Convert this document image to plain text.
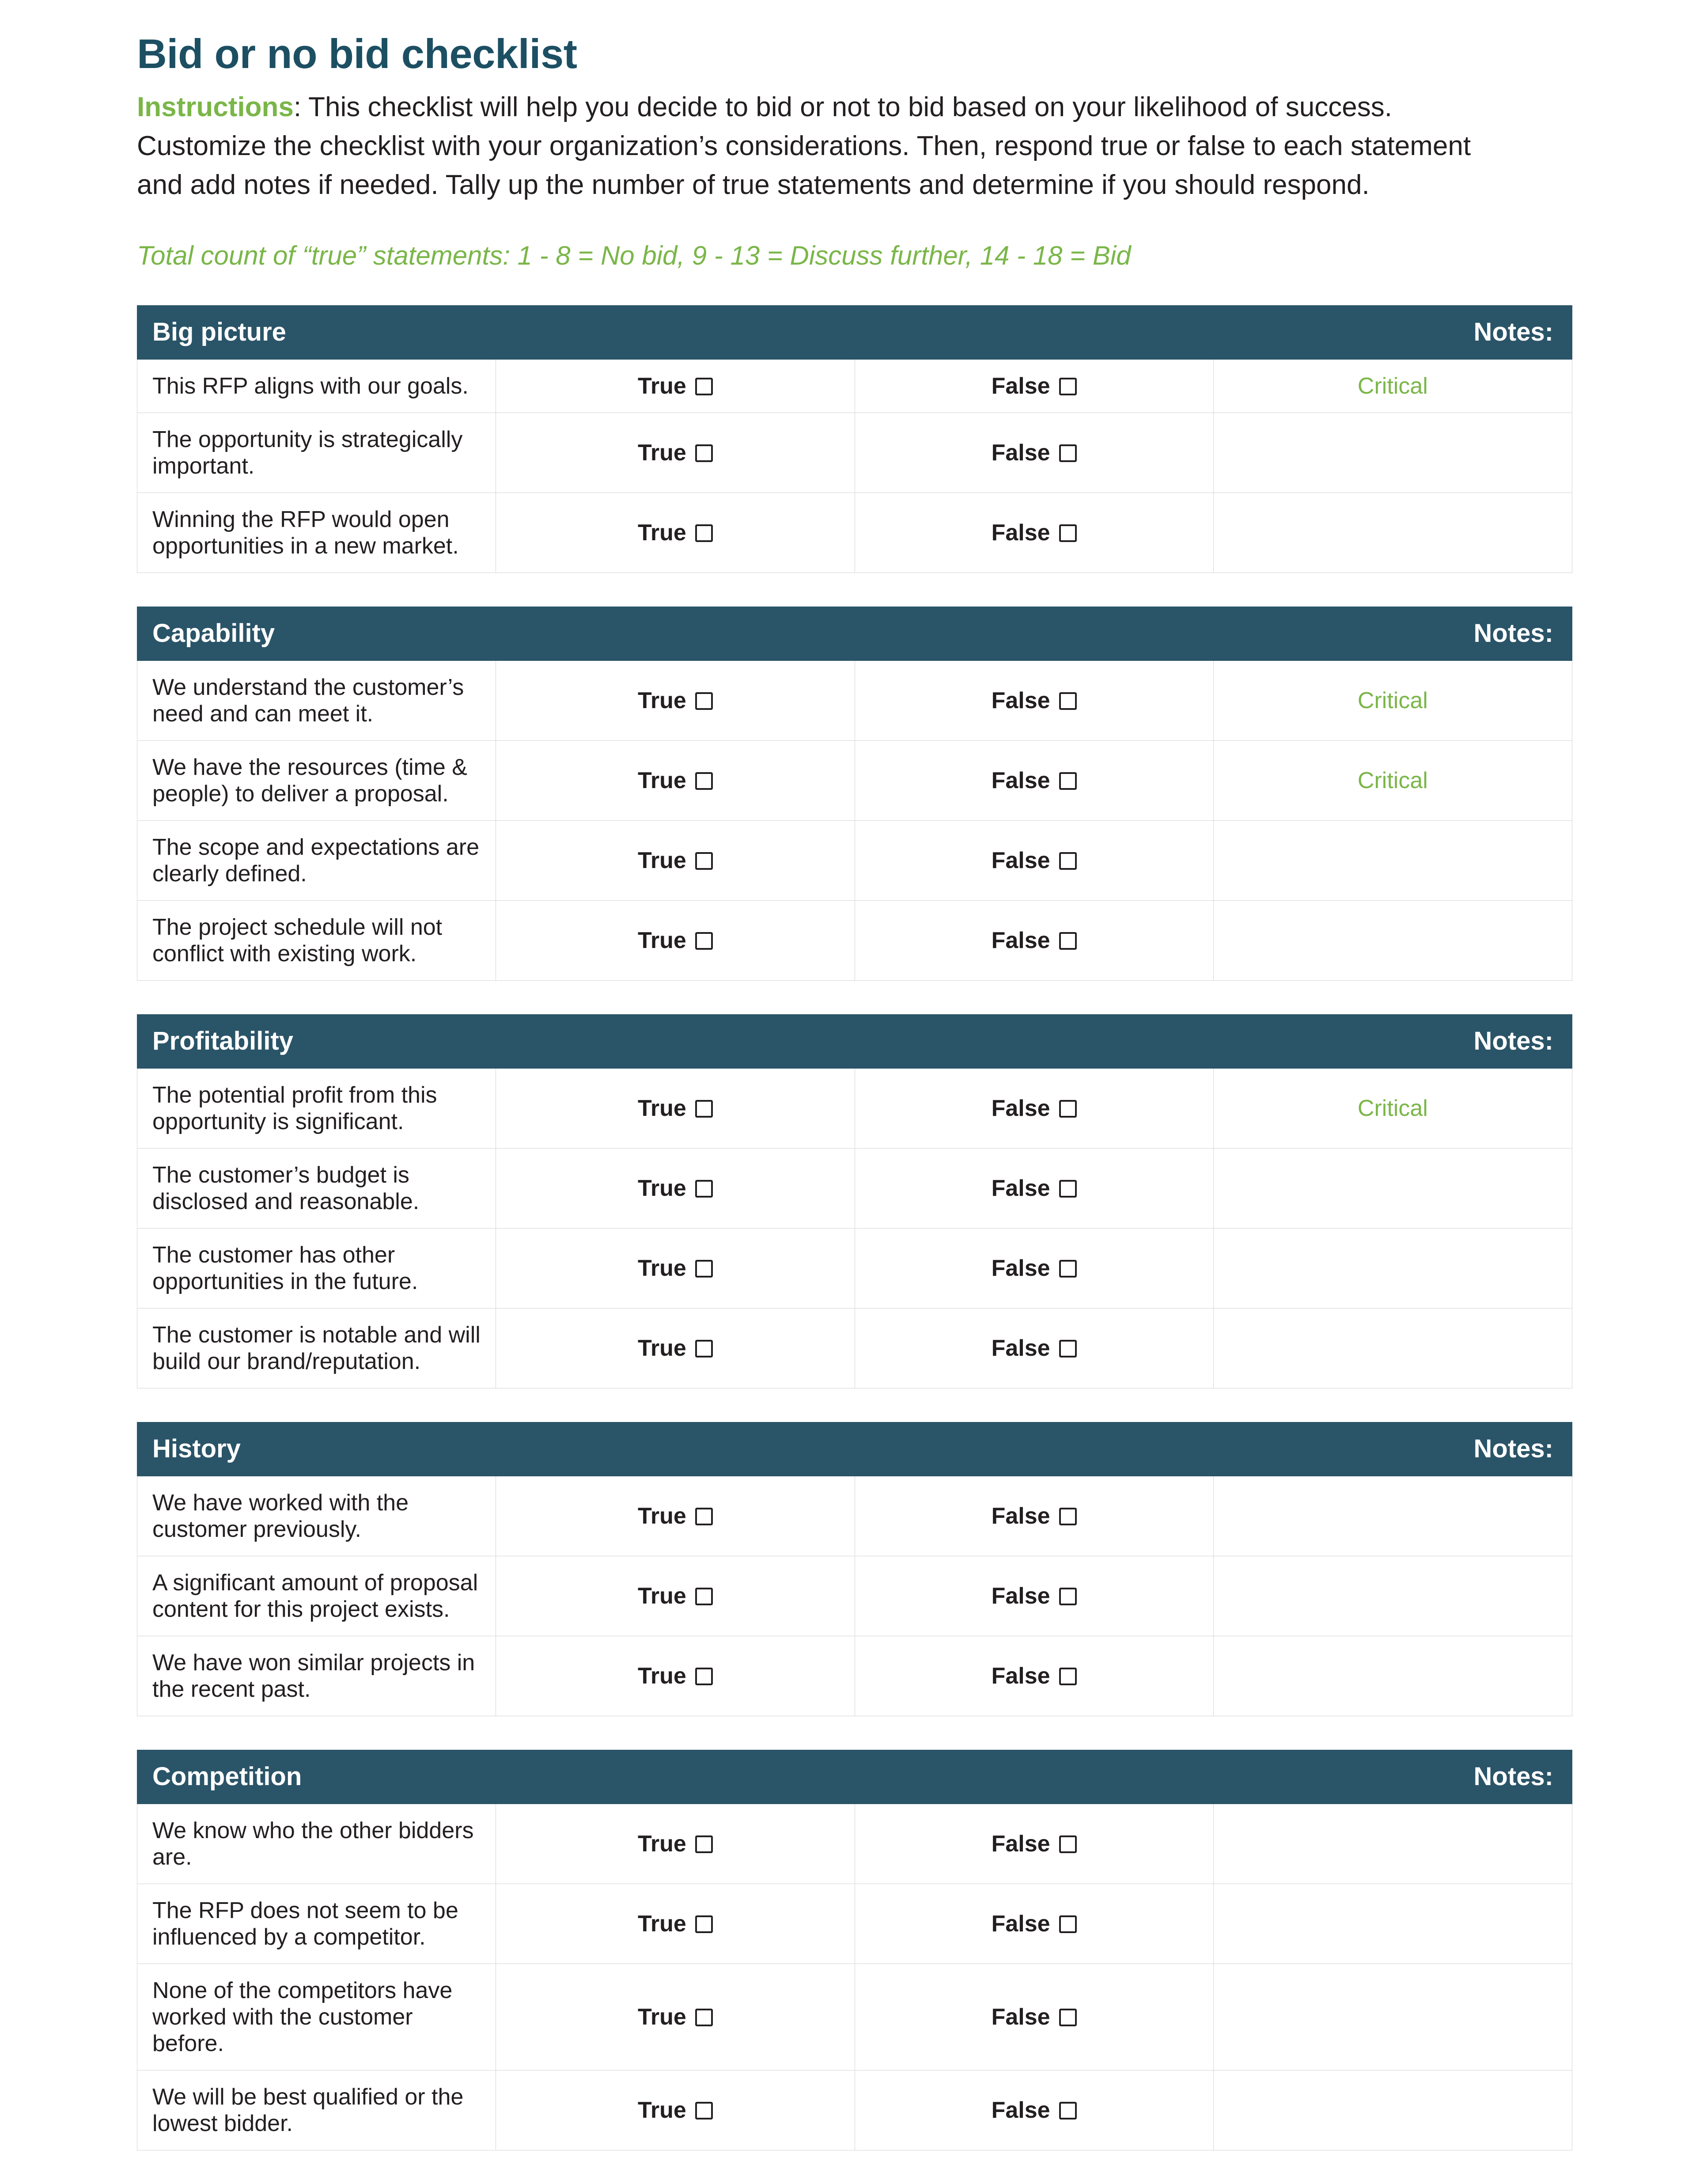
Bid or no bid checklist

Instructions: This checklist will help you decide to bid or not to bid based on your likelihood of success. Customize the checklist with your organization’s considerations. Then, respond true or false to each statement and add notes if needed. Tally up the number of true statements and determine if you should respond.

Total count of “true” statements: 1 - 8 = No bid, 9 - 13 = Discuss further, 14 - 18 = Bid

Big picture			Notes:
This RFP aligns with our goals.	True	False	Critical
The opportunity is strategically important.	True	False	
Winning the RFP would open opportunities in a new market.	True	False	
Capability			Notes:
We understand the customer’s need and can meet it.	True	False	Critical
We have the resources (time & people) to deliver a proposal.	True	False	Critical
The scope and expectations are clearly defined.	True	False	
The project schedule will not conflict with existing work.	True	False	
Profitability			Notes:
The potential profit from this opportunity is significant.	True	False	Critical
The customer’s budget is disclosed and reasonable.	True	False	
The customer has other opportunities in the future.	True	False	
The customer is notable and will build our brand/reputation.	True	False	
History			Notes:
We have worked with the customer previously.	True	False	
A significant amount of proposal content for this project exists.	True	False	
We have won similar projects in the recent past.	True	False	
Competition			Notes:
We know who the other bidders are.	True	False	
The RFP does not seem to be influenced by a competitor.	True	False	
None of the competitors have worked with the customer before.	True	False	
We will be best qualified or the lowest bidder.	True	False	
